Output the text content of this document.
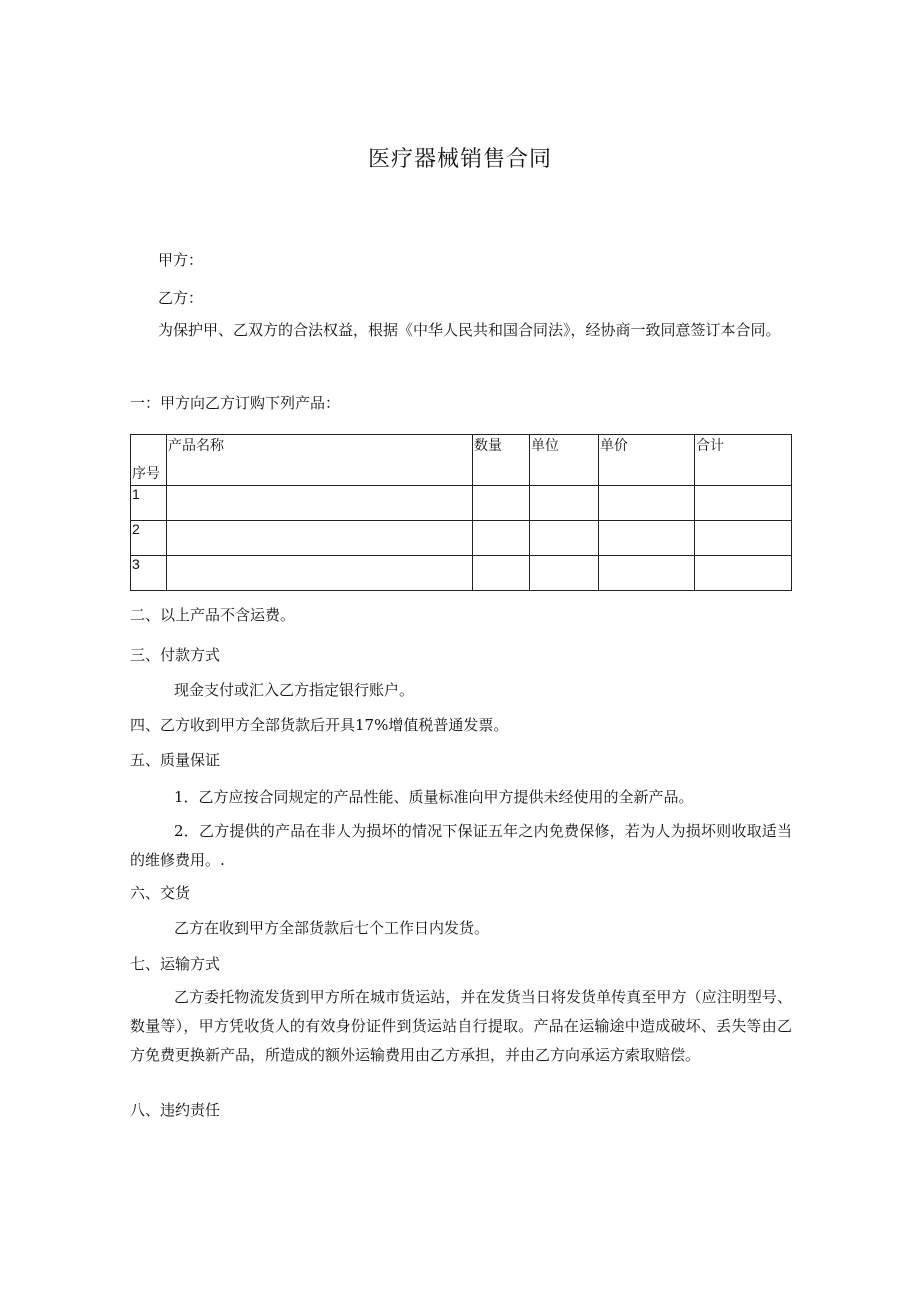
医疗器械销售合同
甲方：
乙方：
为保护甲、乙双方的合法权益，根据《中华人民共和国合同法》，经协商一致同意签订本合同。
一：甲方向乙方订购下列产品：
序号	产品名称	数量	单位	单价	合计
1					
2					
3					
二、以上产品不含运费。
三、付款方式
现金支付或汇入乙方指定银行账户。
四、乙方收到甲方全部货款后开具17%增值税普通发票。
五、质量保证
1．乙方应按合同规定的产品性能、质量标准向甲方提供未经使用的全新产品。
2．乙方提供的产品在非人为损坏的情况下保证五年之内免费保修，若为人为损坏则收取适当的维修费用。.
六、交货
乙方在收到甲方全部货款后七个工作日内发货。
七、运输方式
乙方委托物流发货到甲方所在城市货运站，并在发货当日将发货单传真至甲方（应注明型号、数量等），甲方凭收货人的有效身份证件到货运站自行提取。产品在运输途中造成破坏、丢失等由乙方免费更换新产品，所造成的额外运输费用由乙方承担，并由乙方向承运方索取赔偿。
八、违约责任
